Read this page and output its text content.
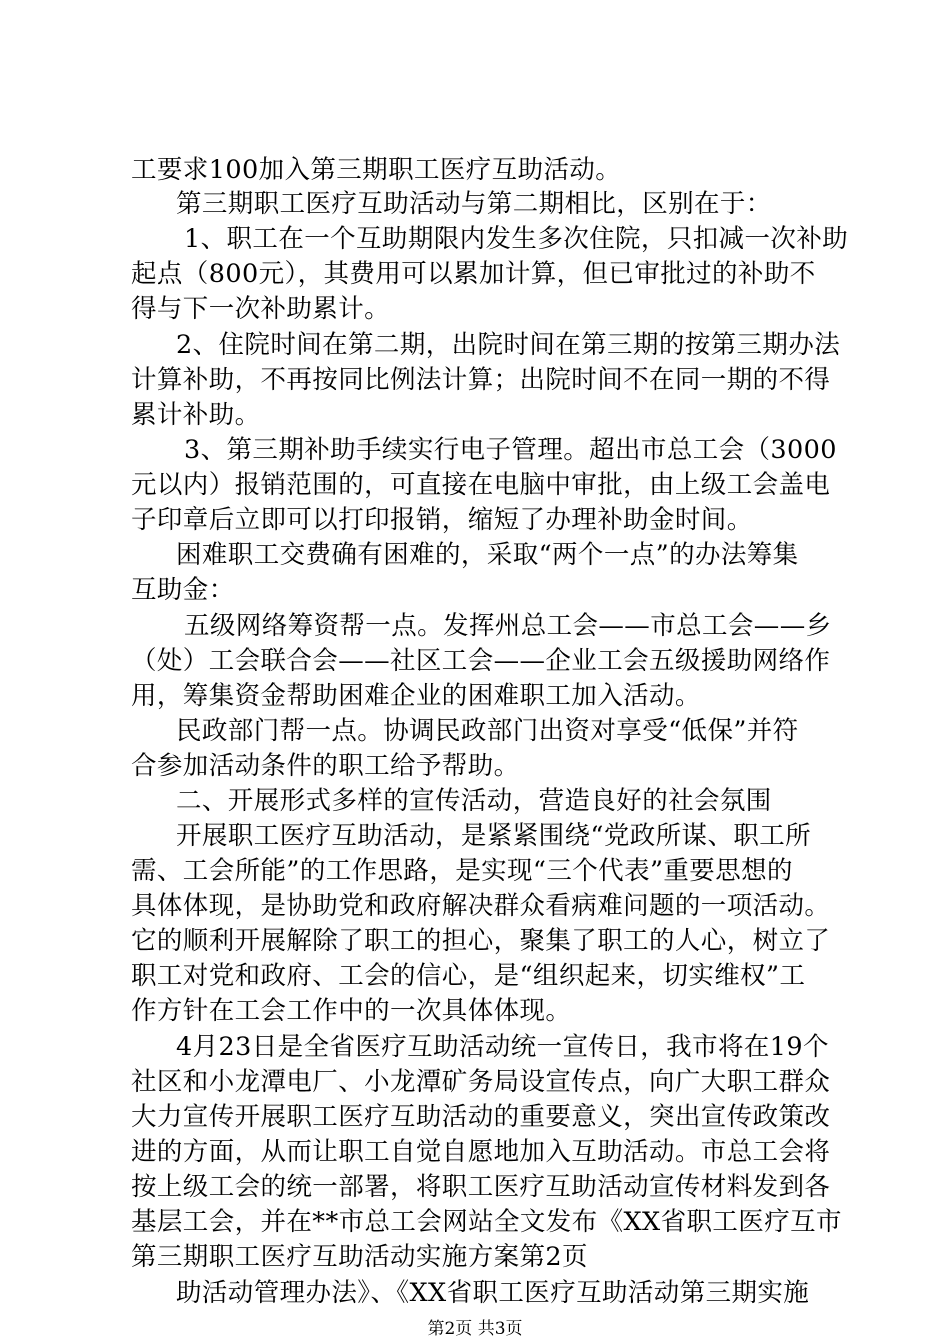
工要求100加入第三期职工医疗互助活动。
第三期职工医疗互助活动与第二期相比，区别在于：
1、职工在一个互助期限内发生多次住院，只扣减一次补助
起点（800元），其费用可以累加计算，但已审批过的补助不
得与下一次补助累计。
2、住院时间在第二期，出院时间在第三期的按第三期办法
计算补助，不再按同比例法计算；出院时间不在同一期的不得
累计补助。
3、第三期补助手续实行电子管理。超出市总工会（3000
元以内）报销范围的，可直接在电脑中审批，由上级工会盖电
子印章后立即可以打印报销，缩短了办理补助金时间。
困难职工交费确有困难的，采取“两个一点”的办法筹集
互助金：
五级网络筹资帮一点。发挥州总工会——市总工会——乡
（处）工会联合会——社区工会——企业工会五级援助网络作
用，筹集资金帮助困难企业的困难职工加入活动。
民政部门帮一点。协调民政部门出资对享受“低保”并符
合参加活动条件的职工给予帮助。
二、开展形式多样的宣传活动，营造良好的社会氛围
开展职工医疗互助活动，是紧紧围绕“党政所谋、职工所
需、工会所能”的工作思路，是实现“三个代表”重要思想的
具体体现，是协助党和政府解决群众看病难问题的一项活动。
它的顺利开展解除了职工的担心，聚集了职工的人心，树立了
职工对党和政府、工会的信心，是“组织起来，切实维权”工
作方针在工会工作中的一次具体体现。
4月23日是全省医疗互助活动统一宣传日，我市将在19个
社区和小龙潭电厂、小龙潭矿务局设宣传点，向广大职工群众
大力宣传开展职工医疗互助活动的重要意义，突出宣传政策改
进的方面，从而让职工自觉自愿地加入互助活动。市总工会将
按上级工会的统一部署，将职工医疗互助活动宣传材料发到各
基层工会，并在**市总工会网站全文发布《XX省职工医疗互市
第三期职工医疗互助活动实施方案第2页
助活动管理办法》、《XX省职工医疗互助活动第三期实施
第2页 共3页
